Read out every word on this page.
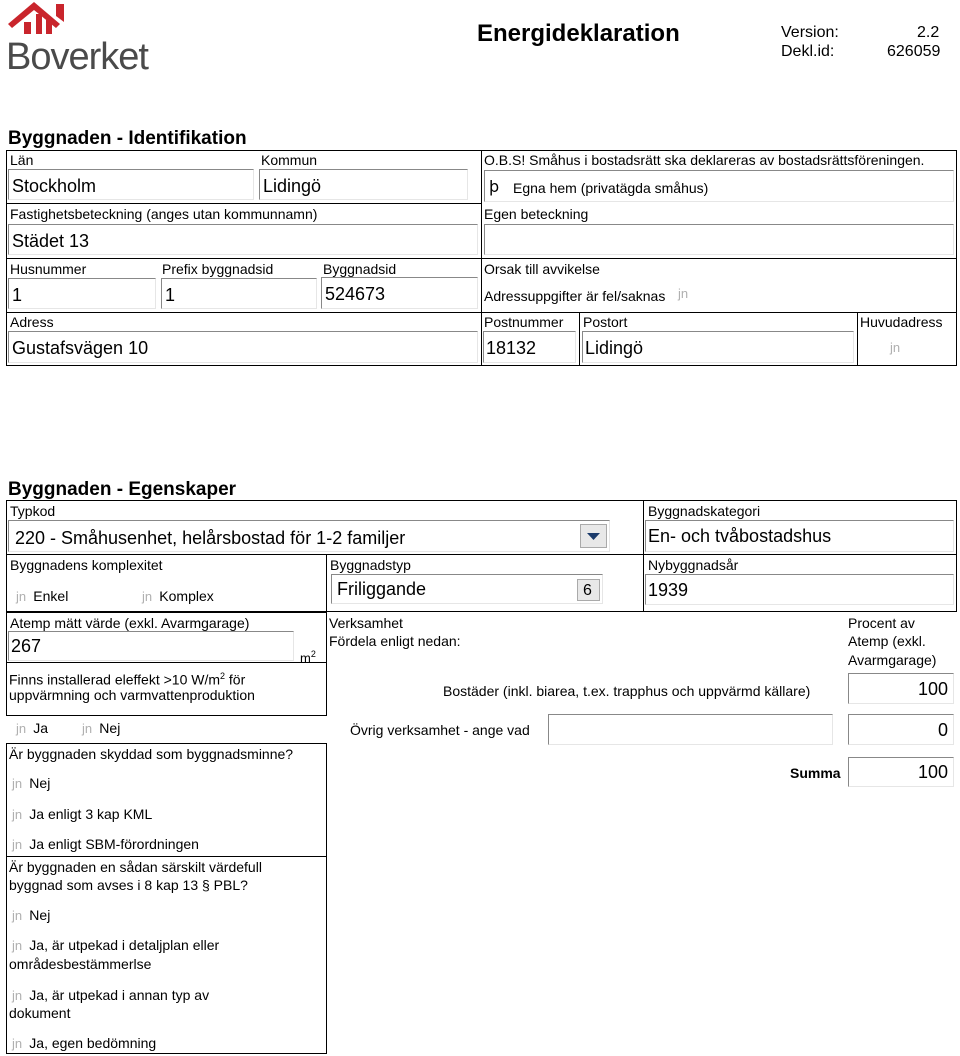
Boverket
Energideklaration	Version:	2.2
Dekl.id:	626059
Byggnaden - Identifikation
Län
Stockholm
Kommun
Lidingö
O.B.S! Småhus i bostadsrätt ska deklareras av bostadsrättsföreningen.
þ Egna hem (privatägda småhus)
Fastighetsbeteckning (anges utan kommunnamn)
Städet 13
Egen beteckning
Husnummer
1
Prefix byggnadsid
1
Byggnadsid
524673
Orsak till avvikelse
Adressuppgifter är fel/saknas jn
Adress
Gustafsvägen 10
Postnummer
18132
Postort
Lidingö
Huvudadress
jn
Byggnaden - Egenskaper
Typkod
220 - Småhusenhet, helårsbostad för 1-2 familjer
Byggnadskategori
En- och tvåbostadshus
Byggnadens komplexitet
jn Enkel	jn Komplex
Byggnadstyp
Friliggande	6
Nybyggnadsår
1939
Atemp mätt värde (exkl. Avarmgarage)
267
$m^2$
Finns installerad eleffekt >10 $W/m^2$ för
uppvärmning och varmvattenproduktion
jn Ja	jn Nej
Är byggnaden skyddad som byggnadsminne?
jn Nej
jn Ja enligt 3 kap KML
jn Ja enligt SBM-förordningen
Är byggnaden en sådan särskilt värdefull
byggnad som avses i 8 kap 13 § PBL?
jn Nej
jn Ja, är utpekad i detaljplan eller
områdesbestämmerlse
jn Ja, är utpekad i annan typ av
dokument
jn Ja, egen bedömning
Verksamhet
Fördela enligt nedan:
Procent av
Atemp (exkl.
Avarmgarage)
Bostäder (inkl. biarea, t.ex. trapphus och uppvärmd källare)	100
Övrig verksamhet - ange vad	0
Summa	100
